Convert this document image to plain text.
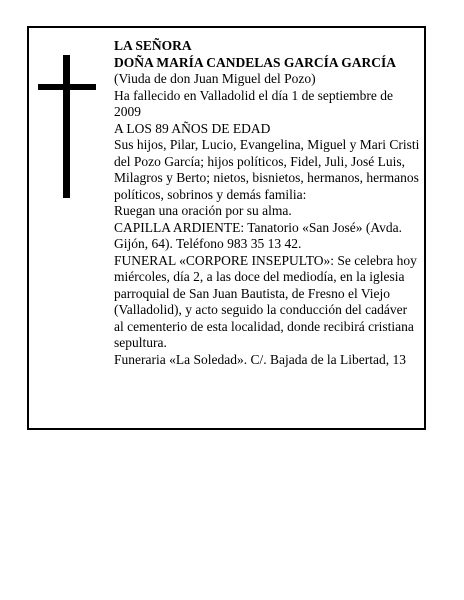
LA SEÑORA

DOÑA MARÍA CANDELAS GARCÍA GARCÍA

(Viuda de don Juan Miguel del Pozo)

Ha fallecido en Valladolid el día 1 de septiembre de 2009

A LOS 89 AÑOS DE EDAD

Sus hijos, Pilar, Lucio, Evangelina, Miguel y Mari Cristi del Pozo García; hijos políticos, Fidel, Juli, José Luis, Milagros y Berto; nietos, bisnietos, hermanos, hermanos políticos, sobrinos y demás familia:

Ruegan una oración por su alma.

CAPILLA ARDIENTE: Tanatorio «San José» (Avda. Gijón, 64). Teléfono 983 35 13 42.

FUNERAL «CORPORE INSEPULTO»: Se celebra hoy miércoles, día 2, a las doce del mediodía, en la iglesia parroquial de San Juan Bautista, de Fresno el Viejo (Valladolid), y acto seguido la conducción del cadáver al cementerio de esta localidad, donde recibirá cristiana sepultura.

Funeraria «La Soledad». C/. Bajada de la Libertad, 13
